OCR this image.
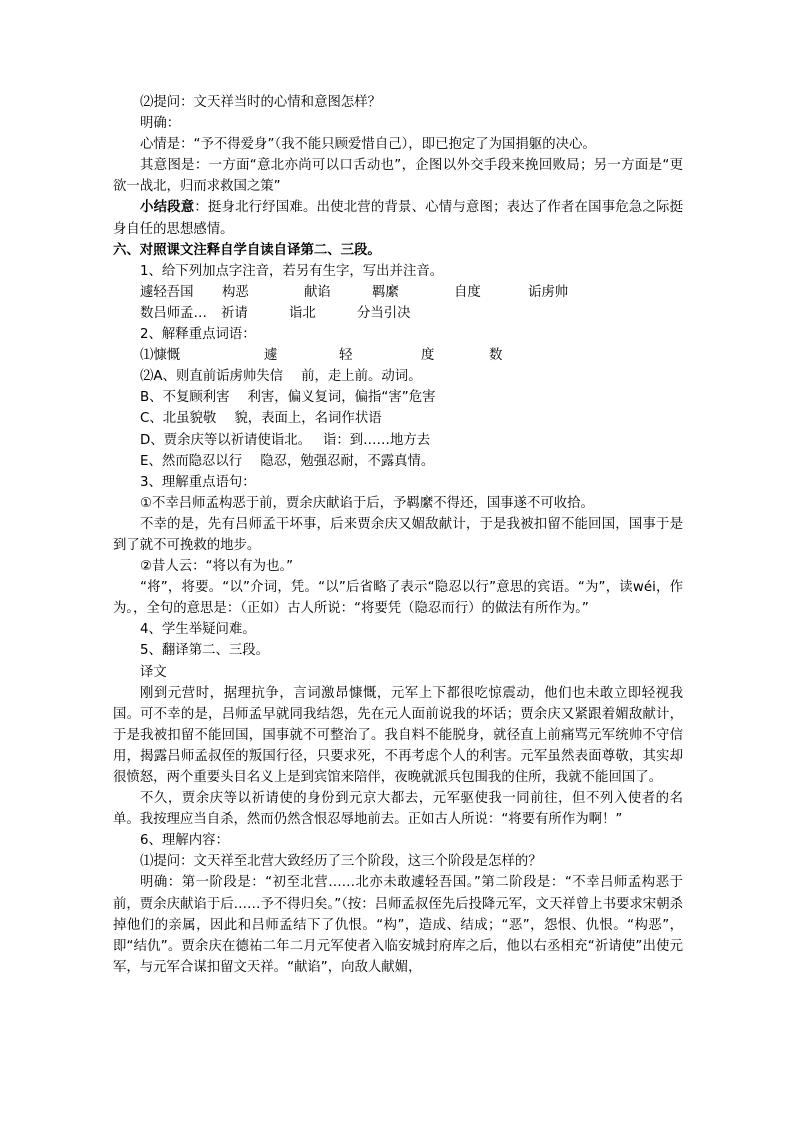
⑵提问：文天祥当时的心情和意图怎样？

明确：

心情是：“予不得爱身”（我不能只顾爱惜自己），即已抱定了为国捐躯的决心。

其意图是：一方面“意北亦尚可以口舌动也”，企图以外交手段来挽回败局；另一方面是“更欲一战北，归而求救国之策”

小结段意：挺身北行纾国难。出使北营的背景、心情与意图；表达了作者在国事危急之际挺身自任的思想感情。

六、对照课文注释自学自读自译第二、三段。

1、给下列加点字注音，若另有生字，写出并注音。

遽轻吾国	构恶	献谄	羁縻	自度	诟虏帅
数吕师孟…	祈请	诣北	分当引决

2、解释重点词语：

⑴慷慨	遽	轻	度	数

⑵A、则直前诟虏帅失信 前，走上前。动词。

B、不复顾利害 利害，偏义复词，偏指“害”危害

C、北虽貌敬 貌，表面上，名词作状语

D、贾余庆等以祈请使诣北。 诣：到……地方去

E、然而隐忍以行 隐忍，勉强忍耐，不露真情。

3、理解重点语句：

①不幸吕师孟构恶于前，贾余庆献谄于后，予羁縻不得还，国事遂不可收拾。

不幸的是，先有吕师孟干坏事，后来贾余庆又媚敌献计，于是我被扣留不能回国，国事于是到了就不可挽救的地步。

②昔人云：“将以有为也。”

“将”，将要。“以”介词，凭。“以”后省略了表示“隐忍以行”意思的宾语。“为”，读wéi，作为。，全句的意思是：（正如）古人所说：“将要凭（隐忍而行）的做法有所作为。”

4、学生举疑问难。

5、翻译第二、三段。

译文

刚到元营时，据理抗争，言词激昂慷慨，元军上下都很吃惊震动，他们也未敢立即轻视我国。可不幸的是，吕师孟早就同我结怨，先在元人面前说我的坏话；贾余庆又紧跟着媚敌献计，于是我被扣留不能回国，国事就不可整治了。我自料不能脱身，就径直上前痛骂元军统帅不守信用，揭露吕师孟叔侄的叛国行径，只要求死，不再考虑个人的利害。元军虽然表面尊敬，其实却很愤怒，两个重要头目名义上是到宾馆来陪伴，夜晚就派兵包围我的住所，我就不能回国了。

不久，贾余庆等以祈请使的身份到元京大都去，元军驱使我一同前往，但不列入使者的名单。我按理应当自杀，然而仍然含恨忍辱地前去。正如古人所说：“将要有所作为啊！”

6、理解内容：

⑴提问：文天祥至北营大致经历了三个阶段，这三个阶段是怎样的？

明确：第一阶段是：“初至北营……北亦未敢遽轻吾国。”第二阶段是：“不幸吕师孟构恶于前，贾余庆献谄于后……予不得归矣。”（按：吕师孟叔侄先后投降元军，文天祥曾上书要求宋朝杀掉他们的亲属，因此和吕师孟结下了仇恨。“构”，造成、结成；“恶”，怨恨、仇恨。“构恶”，即“结仇”。贾余庆在德祐二年二月元军使者入临安城封府库之后，他以右丞相充“祈请使”出使元军，与元军合谋扣留文天祥。“献谄”，向敌人献媚，
